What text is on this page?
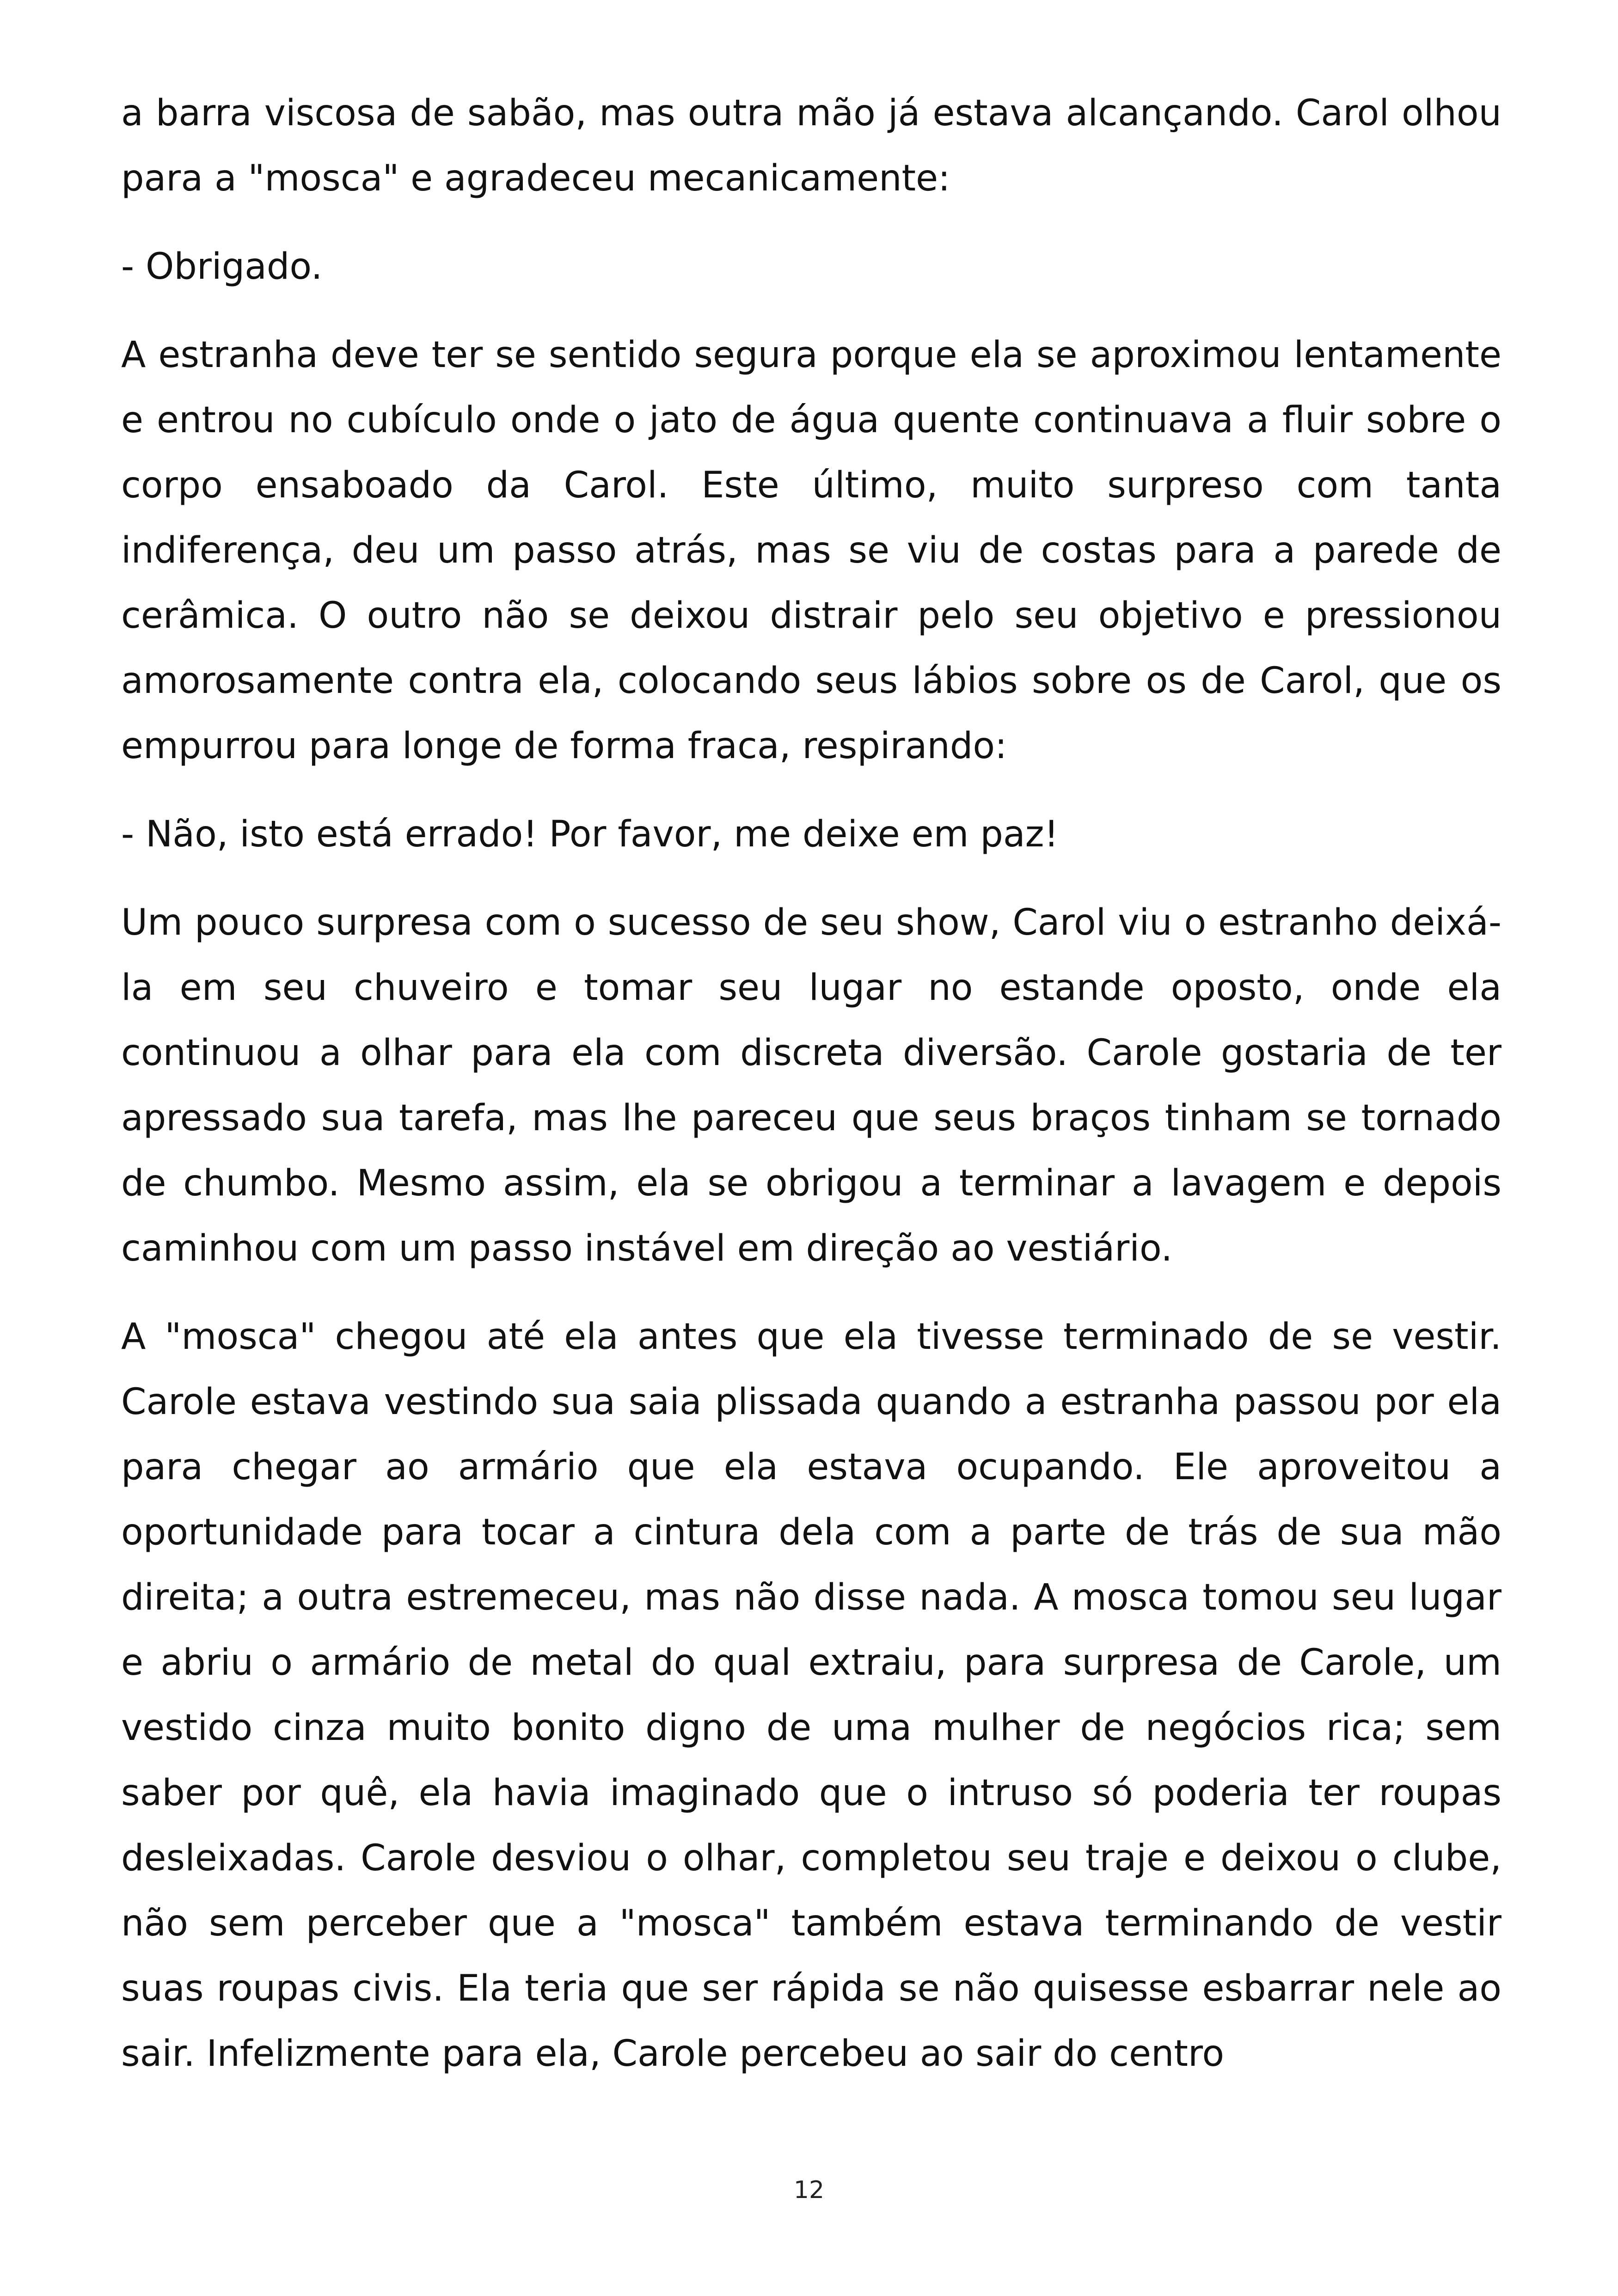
a barra viscosa de sabão, mas outra mão já estava alcançando. Carol olhou para a "mosca" e agradeceu mecanicamente:

- Obrigado.

A estranha deve ter se sentido segura porque ela se aproximou lentamente e entrou no cubículo onde o jato de água quente continuava a fluir sobre o corpo ensaboado da Carol. Este último, muito surpreso com tanta indiferença, deu um passo atrás, mas se viu de costas para a parede de cerâmica. O outro não se deixou distrair pelo seu objetivo e pressionou amorosamente contra ela, colocando seus lábios sobre os de Carol, que os empurrou para longe de forma fraca, respirando:

- Não, isto está errado! Por favor, me deixe em paz!

Um pouco surpresa com o sucesso de seu show, Carol viu o estranho deixá-la em seu chuveiro e tomar seu lugar no estande oposto, onde ela continuou a olhar para ela com discreta diversão. Carole gostaria de ter apressado sua tarefa, mas lhe pareceu que seus braços tinham se tornado de chumbo. Mesmo assim, ela se obrigou a terminar a lavagem e depois caminhou com um passo instável em direção ao vestiário.

A "mosca" chegou até ela antes que ela tivesse terminado de se vestir. Carole estava vestindo sua saia plissada quando a estranha passou por ela para chegar ao armário que ela estava ocupando. Ele aproveitou a oportunidade para tocar a cintura dela com a parte de trás de sua mão direita; a outra estremeceu, mas não disse nada. A mosca tomou seu lugar e abriu o armário de metal do qual extraiu, para surpresa de Carole, um vestido cinza muito bonito digno de uma mulher de negócios rica; sem saber por quê, ela havia imaginado que o intruso só poderia ter roupas desleixadas. Carole desviou o olhar, completou seu traje e deixou o clube, não sem perceber que a "mosca" também estava terminando de vestir suas roupas civis. Ela teria que ser rápida se não quisesse esbarrar nele ao sair. Infelizmente para ela, Carole percebeu ao sair do centro

12
